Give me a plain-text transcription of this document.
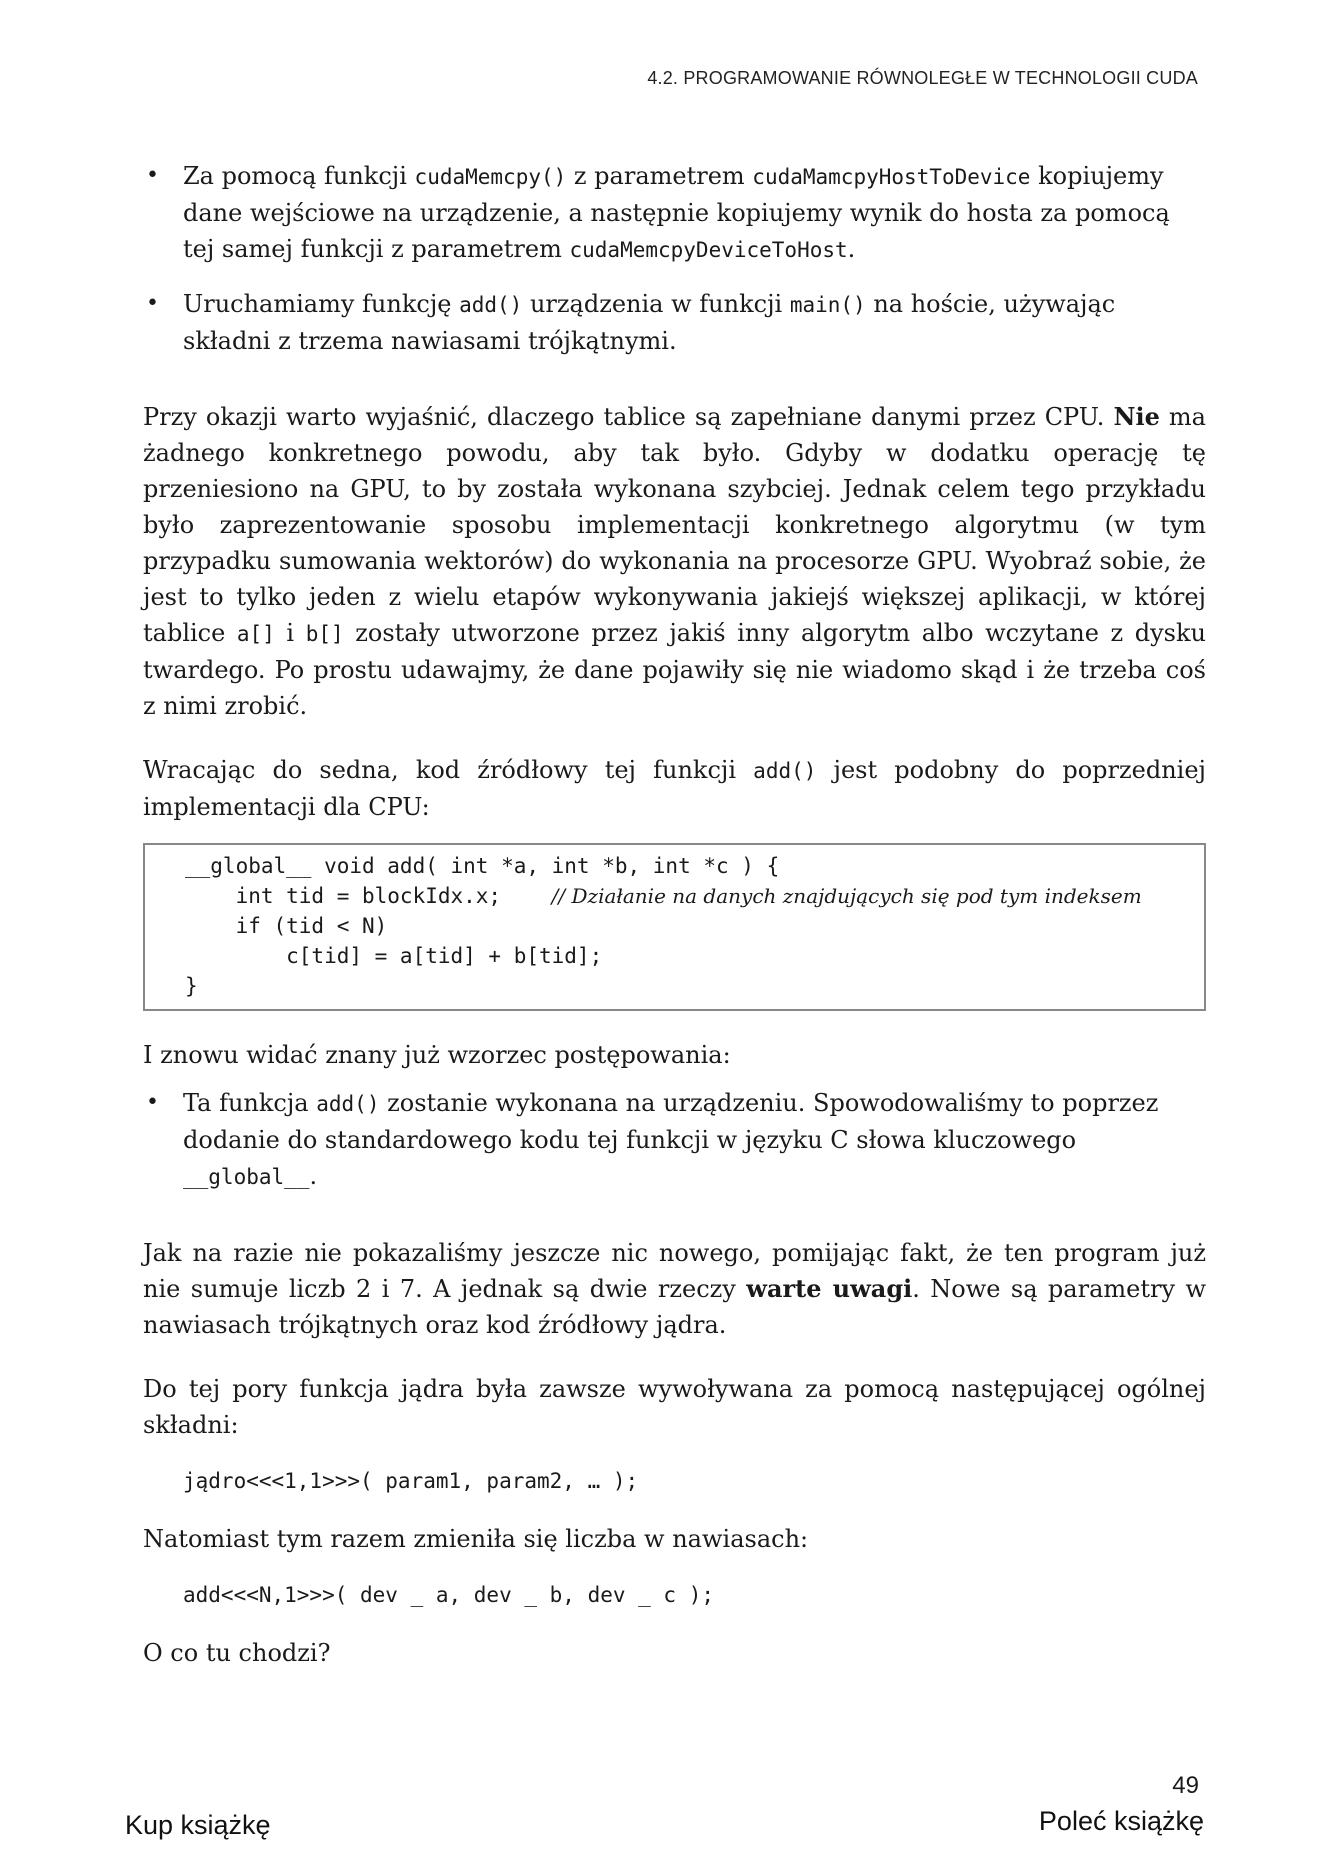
4.2. PROGRAMOWANIE RÓWNOLEGŁE W TECHNOLOGII CUDA
• Za pomocą funkcji cudaMemcpy() z parametrem cudaMamcpyHostToDevice kopiujemy dane wejściowe na urządzenie, a następnie kopiujemy wynik do hosta za pomocą tej samej funkcji z parametrem cudaMemcpyDeviceToHost.
• Uruchamiamy funkcję add() urządzenia w funkcji main() na hoście, używając składni z trzema nawiasami trójkątnymi.

Przy okazji warto wyjaśnić, dlaczego tablice są zapełniane danymi przez CPU. Nie ma żadnego konkretnego powodu, aby tak było. Gdyby w dodatku operację tę przeniesiono na GPU, to by została wykonana szybciej. Jednak celem tego przykładu było zaprezentowanie sposobu implementacji konkretnego algorytmu (w tym przypadku sumowania wektorów) do wykonania na procesorze GPU. Wyobraź sobie, że jest to tylko jeden z wielu etapów wykonywania jakiejś większej aplikacji, w której tablice a[] i b[] zostały utworzone przez jakiś inny algorytm albo wczytane z dysku twardego. Po prostu udawajmy, że dane pojawiły się nie wiadomo skąd i że trzeba coś z nimi zrobić.

Wracając do sedna, kod źródłowy tej funkcji add() jest podobny do poprzedniej implementacji dla CPU:

__global__ void add( int *a, int *b, int *c ) {
int tid = blockIdx.x;    // Działanie na danych znajdujących się pod tym indeksem
if (tid < N)
c[tid] = a[tid] + b[tid];
}

I znowu widać znany już wzorzec postępowania:

• Ta funkcja add() zostanie wykonana na urządzeniu. Spowodowaliśmy to poprzez dodanie do standardowego kodu tej funkcji w języku C słowa kluczowego __global__.

Jak na razie nie pokazaliśmy jeszcze nic nowego, pomijając fakt, że ten program już nie sumuje liczb 2 i 7. A jednak są dwie rzeczy warte uwagi. Nowe są parametry w nawiasach trójkątnych oraz kod źródłowy jądra.

Do tej pory funkcja jądra była zawsze wywoływana za pomocą następującej ogólnej składni:

jądro<<<1,1>>>( param1, param2, … );

Natomiast tym razem zmieniła się liczba w nawiasach:

add<<<N,1>>>( dev _ a, dev _ b, dev _ c );

O co tu chodzi?

49
Kup książkę	Poleć książkę
